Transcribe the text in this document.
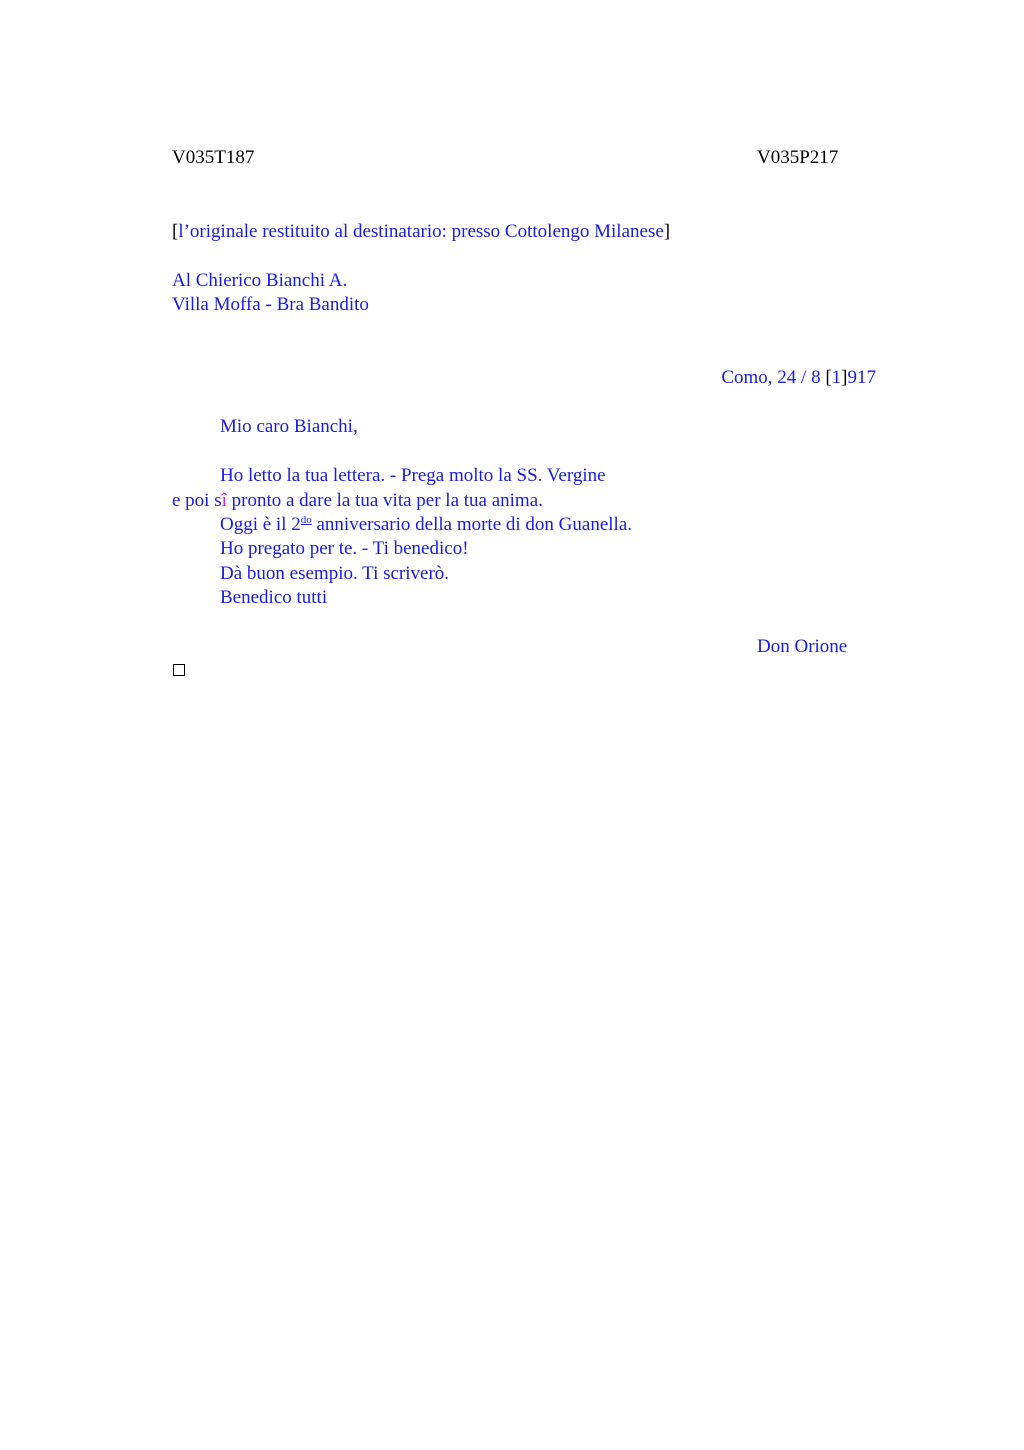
V035T187	V035P217
[l’originale restituito al destinatario: presso Cottolengo Milanese]
Al Chierico Bianchi A.
Villa Moffa - Bra Bandito
Como, 24 / 8 [1]917
Mio caro Bianchi,
Ho letto la tua lettera. - Prega molto la SS. Vergine
e poi sî pronto a dare la tua vita per la tua anima.
Oggi è il $2^{do}$ anniversario della morte di don Guanella.
Ho pregato per te. - Ti benedico!
Dà buon esempio. Ti scriverò.
Benedico tutti
Don Orione
